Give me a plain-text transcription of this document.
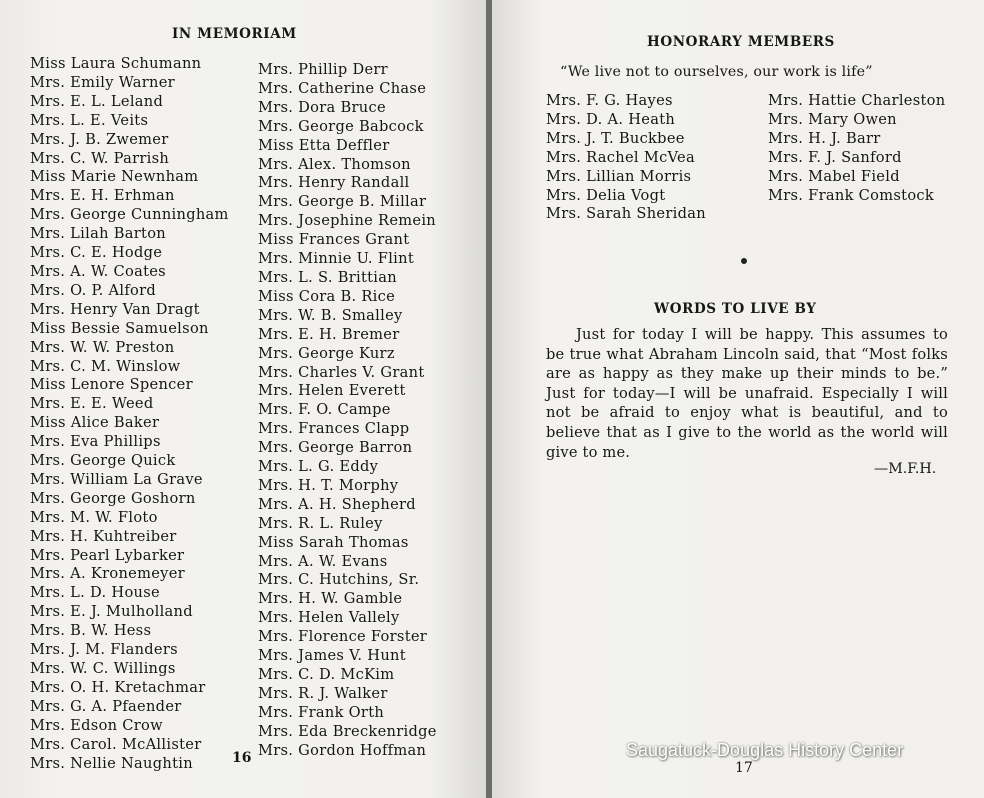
IN MEMORIAM
Miss Laura Schumann
Mrs. Emily Warner
Mrs. E. L. Leland
Mrs. L. E. Veits
Mrs. J. B. Zwemer
Mrs. C. W. Parrish
Miss Marie Newnham
Mrs. E. H. Erhman
Mrs. George Cunningham
Mrs. Lilah Barton
Mrs. C. E. Hodge
Mrs. A. W. Coates
Mrs. O. P. Alford
Mrs. Henry Van Dragt
Miss Bessie Samuelson
Mrs. W. W. Preston
Mrs. C. M. Winslow
Miss Lenore Spencer
Mrs. E. E. Weed
Miss Alice Baker
Mrs. Eva Phillips
Mrs. George Quick
Mrs. William La Grave
Mrs. George Goshorn
Mrs. M. W. Floto
Mrs. H. Kuhtreiber
Mrs. Pearl Lybarker
Mrs. A. Kronemeyer
Mrs. L. D. House
Mrs. E. J. Mulholland
Mrs. B. W. Hess
Mrs. J. M. Flanders
Mrs. W. C. Willings
Mrs. O. H. Kretachmar
Mrs. G. A. Pfaender
Mrs. Edson Crow
Mrs. Carol. McAllister
Mrs. Nellie Naughtin
Mrs. Phillip Derr
Mrs. Catherine Chase
Mrs. Dora Bruce
Mrs. George Babcock
Miss Etta Deffler
Mrs. Alex. Thomson
Mrs. Henry Randall
Mrs. George B. Millar
Mrs. Josephine Remein
Miss Frances Grant
Mrs. Minnie U. Flint
Mrs. L. S. Brittian
Miss Cora B. Rice
Mrs. W. B. Smalley
Mrs. E. H. Bremer
Mrs. George Kurz
Mrs. Charles V. Grant
Mrs. Helen Everett
Mrs. F. O. Campe
Mrs. Frances Clapp
Mrs. George Barron
Mrs. L. G. Eddy
Mrs. H. T. Morphy
Mrs. A. H. Shepherd
Mrs. R. L. Ruley
Miss Sarah Thomas
Mrs. A. W. Evans
Mrs. C. Hutchins, Sr.
Mrs. H. W. Gamble
Mrs. Helen Vallely
Mrs. Florence Forster
Mrs. James V. Hunt
Mrs. C. D. McKim
Mrs. R. J. Walker
Mrs. Frank Orth
Mrs. Eda Breckenridge
Mrs. Gordon Hoffman
16
HONORARY MEMBERS
“We live not to ourselves, our work is life”
Mrs. F. G. Hayes
Mrs. D. A. Heath
Mrs. J. T. Buckbee
Mrs. Rachel McVea
Mrs. Lillian Morris
Mrs. Delia Vogt
Mrs. Sarah Sheridan
Mrs. Hattie Charleston
Mrs. Mary Owen
Mrs. H. J. Barr
Mrs. F. J. Sanford
Mrs. Mabel Field
Mrs. Frank Comstock
WORDS TO LIVE BY

Just for today I will be happy. This assumes to be true what Abraham Lincoln said, that “Most folks are as happy as they make up their minds to be.” Just for today—I will be unafraid. Especially I will not be afraid to enjoy what is beautiful, and to believe that as I give to the world as the world will give to me.

—M.F.H.
17
Saugatuck-Douglas History Center
